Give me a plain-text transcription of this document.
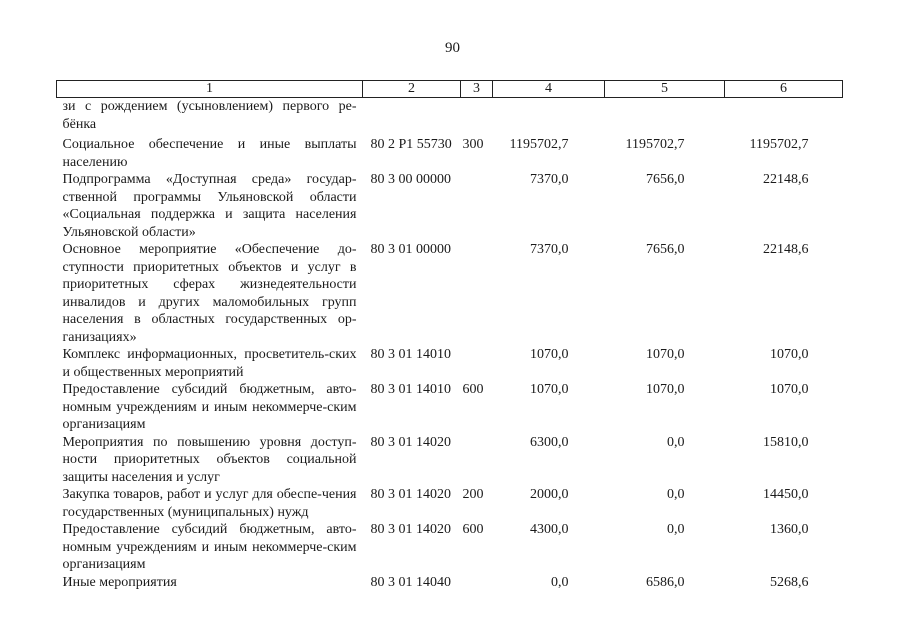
90
1	2	3	4	5	6
зи с рождением (усыновлением) первого ре-бёнка					
Социальное обеспечение и иные выплаты населению	80 2 Р1 55730	300	1195702,7	1195702,7	1195702,7
Подпрограмма «Доступная среда» государ-ственной программы Ульяновской области «Социальная поддержка и защита населения Ульяновской области»	80 3 00 00000		7370,0	7656,0	22148,6
Основное мероприятие «Обеспечение до-ступности приоритетных объектов и услуг в приоритетных сферах жизнедеятельности инвалидов и других маломобильных групп населения в областных государственных ор-ганизациях»	80 3 01 00000		7370,0	7656,0	22148,6
Комплекс информационных, просветитель-ских и общественных мероприятий	80 3 01 14010		1070,0	1070,0	1070,0
Предоставление субсидий бюджетным, авто-номным учреждениям и иным некоммерче-ским организациям	80 3 01 14010	600	1070,0	1070,0	1070,0
Мероприятия по повышению уровня доступ-ности приоритетных объектов социальной защиты населения и услуг	80 3 01 14020		6300,0	0,0	15810,0
Закупка товаров, работ и услуг для обеспе-чения государственных (муниципальных) нужд	80 3 01 14020	200	2000,0	0,0	14450,0
Предоставление субсидий бюджетным, авто-номным учреждениям и иным некоммерче-ским организациям	80 3 01 14020	600	4300,0	0,0	1360,0
Иные мероприятия	80 3 01 14040		0,0	6586,0	5268,6
